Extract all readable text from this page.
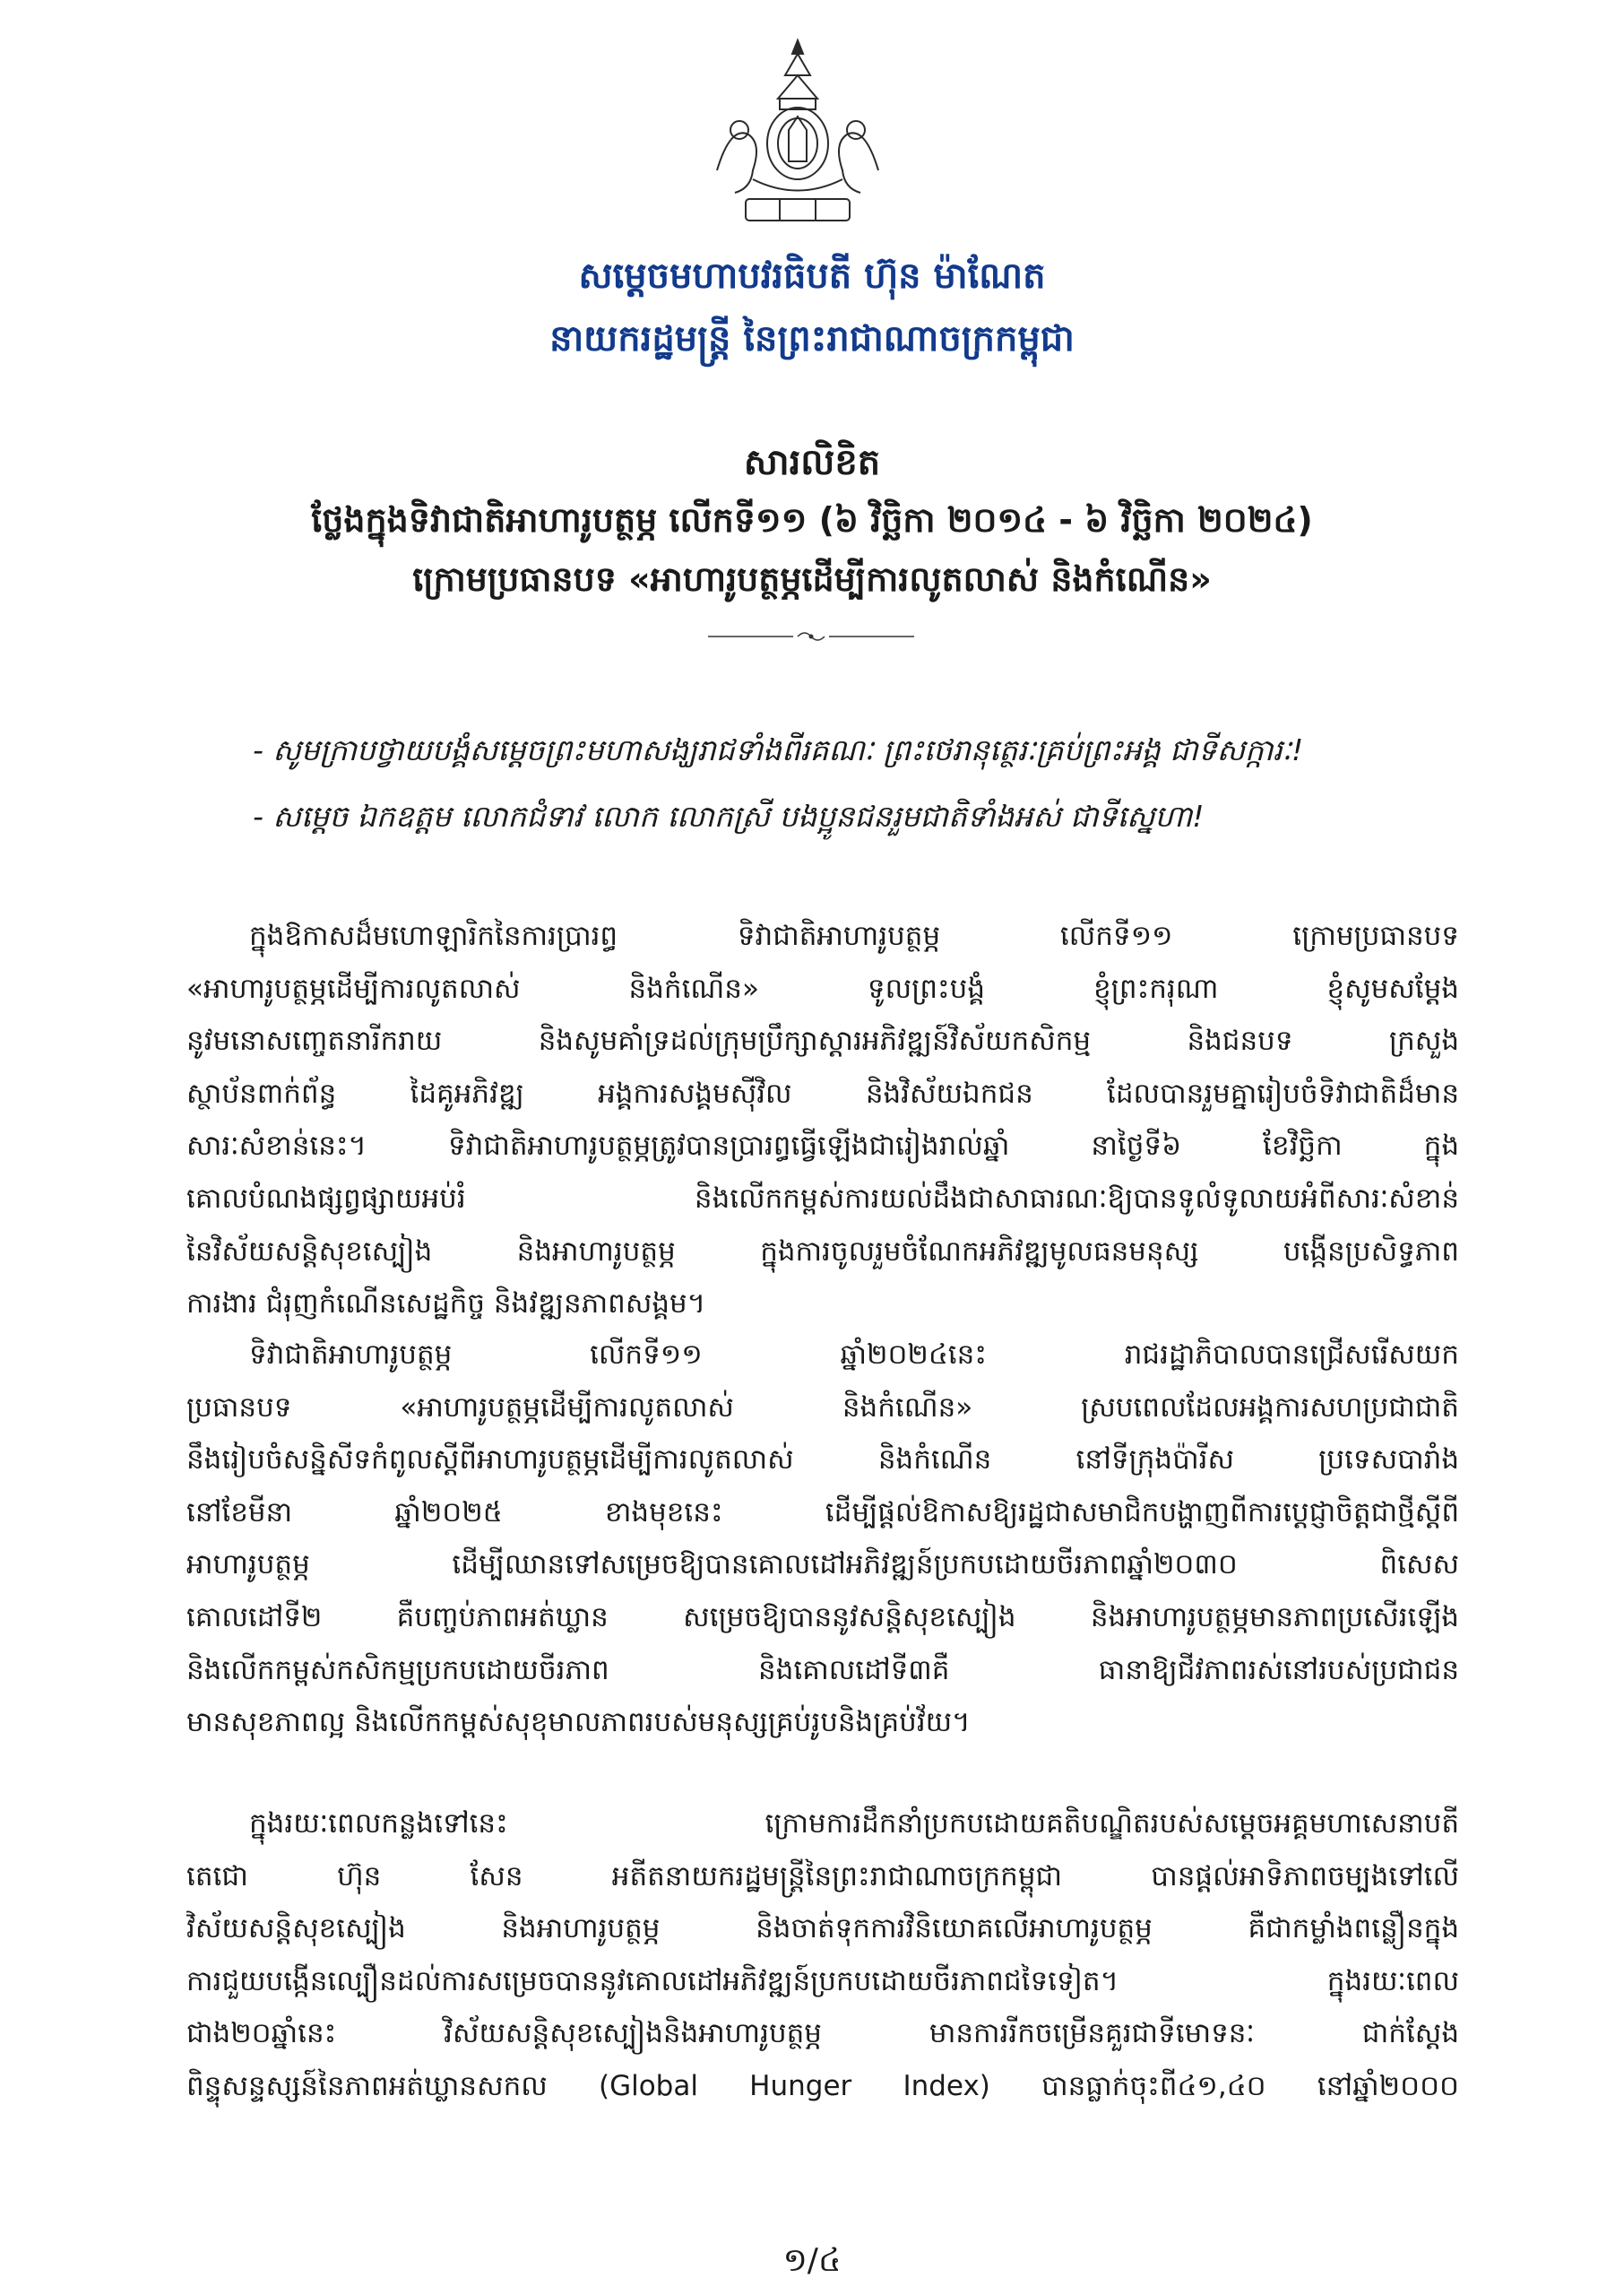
សម្តេចមហាបវរធិបតី ហ៊ុន ម៉ាណែត
នាយករដ្ឋមន្ត្រី នៃព្រះរាជាណាចក្រកម្ពុជា
សារលិខិត
ថ្លែងក្នុងទិវាជាតិអាហារូបត្ថម្ភ លើកទី១១ (៦ វិច្ឆិកា ២០១៤ - ៦ វិច្ឆិកា ២០២៤)
ក្រោមប្រធានបទ «អាហារូបត្ថម្ភដើម្បីការលូតលាស់ និងកំណើន»
- សូមក្រាបថ្វាយបង្គំសម្តេចព្រះមហាសង្ឃរាជទាំងពីរគណៈ ព្រះថេរានុត្ថេរៈគ្រប់ព្រះអង្គ ជាទីសក្ការៈ!
- សម្តេច ឯកឧត្តម លោកជំទាវ លោក លោកស្រី បងប្អូនជនរួមជាតិទាំងអស់ ជាទីស្នេហា!
ក្នុងឱកាសដ៏មហោឡារិកនៃការប្រារព្ធ ទិវាជាតិអាហារូបត្ថម្ភ លើកទី១១ ក្រោមប្រធានបទ
«អាហារូបត្ថម្ភដើម្បីការលូតលាស់ និងកំណើន» ទូលព្រះបង្គំ ខ្ញុំព្រះករុណា ខ្ញុំសូមសម្តែង
នូវមនោសញ្ចេតនារីករាយ និងសូមគាំទ្រដល់ក្រុមប្រឹក្សាស្តារអភិវឌ្ឍន៍វិស័យកសិកម្ម និងជនបទ ក្រសួង
ស្ថាប័នពាក់ព័ន្ធ ដៃគូអភិវឌ្ឍ អង្គការសង្គមស៊ីវិល និងវិស័យឯកជន ដែលបានរួមគ្នារៀបចំទិវាជាតិដ៏មាន
សារៈសំខាន់នេះ។ ទិវាជាតិអាហារូបត្ថម្ភត្រូវបានប្រារព្ធធ្វើឡើងជារៀងរាល់ឆ្នាំ នាថ្ងៃទី៦ ខែវិច្ឆិកា ក្នុង
គោលបំណងផ្សព្វផ្សាយអប់រំ និងលើកកម្ពស់ការយល់ដឹងជាសាធារណៈឱ្យបានទូលំទូលាយអំពីសារៈសំខាន់
នៃវិស័យសន្តិសុខស្បៀង និងអាហារូបត្ថម្ភ ក្នុងការចូលរួមចំណែកអភិវឌ្ឍមូលធនមនុស្ស បង្កើនប្រសិទ្ធភាព
ការងារ ជំរុញកំណើនសេដ្ឋកិច្ច និងវឌ្ឍនភាពសង្គម។
ទិវាជាតិអាហារូបត្ថម្ភ លើកទី១១ ឆ្នាំ២០២៤នេះ រាជរដ្ឋាភិបាលបានជ្រើសរើសយក
ប្រធានបទ «អាហារូបត្ថម្ភដើម្បីការលូតលាស់ និងកំណើន» ស្របពេលដែលអង្គការសហប្រជាជាតិ
នឹងរៀបចំសន្និសីទកំពូលស្តីពីអាហារូបត្ថម្ភដើម្បីការលូតលាស់ និងកំណើន នៅទីក្រុងប៉ារីស ប្រទេសបារាំង
នៅខែមីនា ឆ្នាំ២០២៥ ខាងមុខនេះ ដើម្បីផ្តល់ឱកាសឱ្យរដ្ឋជាសមាជិកបង្ហាញពីការប្តេជ្ញាចិត្តជាថ្មីស្តីពី
អាហារូបត្ថម្ភ ដើម្បីឈានទៅសម្រេចឱ្យបានគោលដៅអភិវឌ្ឍន៍ប្រកបដោយចីរភាពឆ្នាំ២០៣០ ពិសេស
គោលដៅទី២ គឺបញ្ចប់ភាពអត់ឃ្លាន សម្រេចឱ្យបាននូវសន្តិសុខស្បៀង និងអាហារូបត្ថម្ភមានភាពប្រសើរឡើង
និងលើកកម្ពស់កសិកម្មប្រកបដោយចីរភាព និងគោលដៅទី៣គឺ ធានាឱ្យជីវភាពរស់នៅរបស់ប្រជាជន
មានសុខភាពល្អ និងលើកកម្ពស់សុខុមាលភាពរបស់មនុស្សគ្រប់រូបនិងគ្រប់វ័យ។
ក្នុងរយៈពេលកន្លងទៅនេះ ក្រោមការដឹកនាំប្រកបដោយគតិបណ្ឌិតរបស់សម្តេចអគ្គមហាសេនាបតី
តេជោ ហ៊ុន សែន អតីតនាយករដ្ឋមន្ត្រីនៃព្រះរាជាណាចក្រកម្ពុជា បានផ្តល់អាទិភាពចម្បងទៅលើ
វិស័យសន្តិសុខស្បៀង និងអាហារូបត្ថម្ភ និងចាត់ទុកការវិនិយោគលើអាហារូបត្ថម្ភ គឺជាកម្លាំងពន្លឿនក្នុង
ការជួយបង្កើនល្បឿនដល់ការសម្រេចបាននូវគោលដៅអភិវឌ្ឍន៍ប្រកបដោយចីរភាពជទៃទៀត។ ក្នុងរយៈពេល
ជាង២០ឆ្នាំនេះ វិស័យសន្តិសុខស្បៀងនិងអាហារូបត្ថម្ភ មានការរីកចម្រើនគួរជាទីមោទនៈ ជាក់ស្តែង
ពិន្ទុសន្ទស្សន៍នៃភាពអត់ឃ្លានសកល (Global Hunger Index) បានធ្លាក់ចុះពី៤១,៤០ នៅឆ្នាំ២០០០
១/៤
